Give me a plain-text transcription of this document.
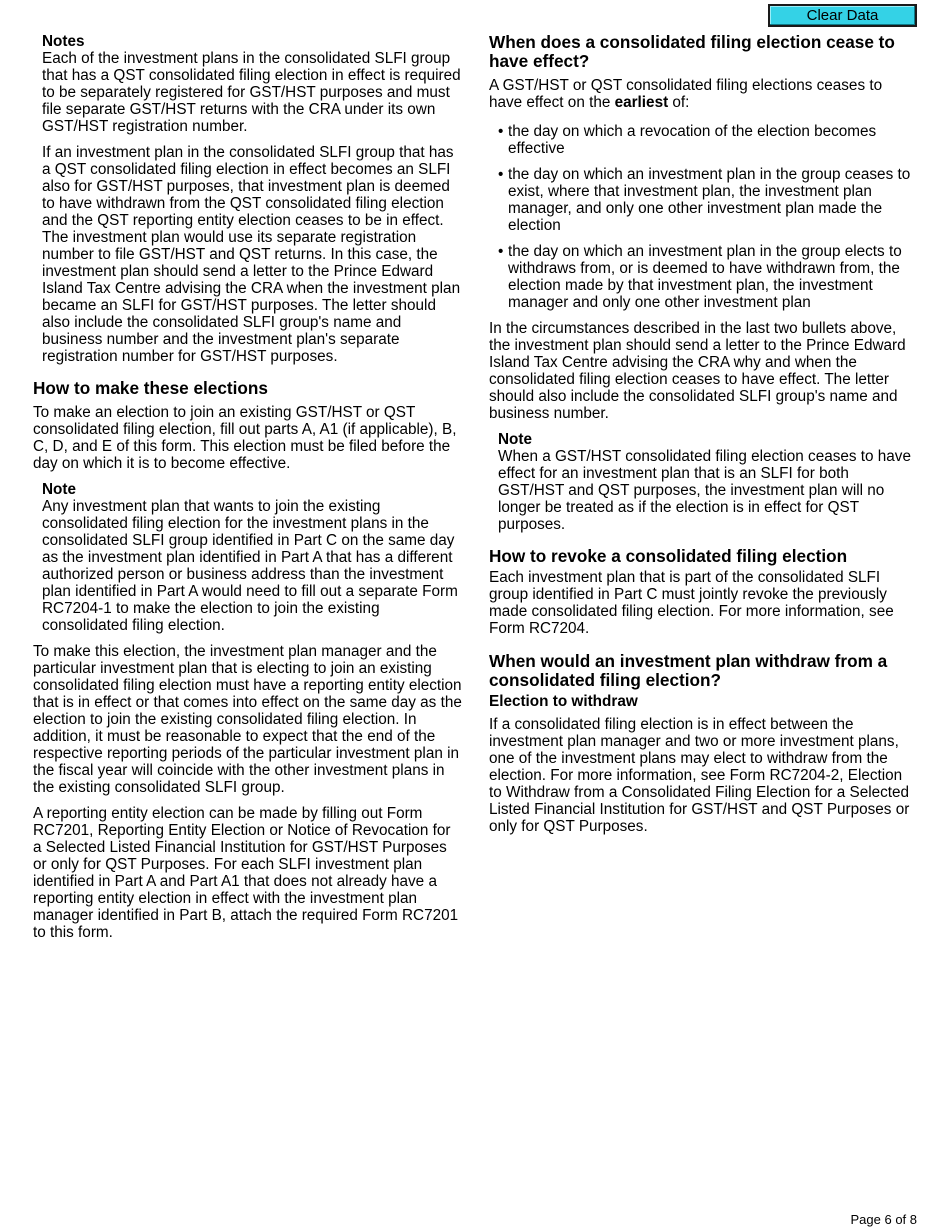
Clear Data

Notes

Each of the investment plans in the consolidated SLFI group that has a QST consolidated filing election in effect is required to be separately registered for GST/HST purposes and must file separate GST/HST returns with the CRA under its own GST/HST registration number.

If an investment plan in the consolidated SLFI group that has a QST consolidated filing election in effect becomes an SLFI also for GST/HST purposes, that investment plan is deemed to have withdrawn from the QST consolidated filing election and the QST reporting entity election ceases to be in effect. The investment plan would use its separate registration number to file GST/HST and QST returns. In this case, the investment plan should send a letter to the Prince Edward Island Tax Centre advising the CRA when the investment plan became an SLFI for GST/HST purposes. The letter should also include the consolidated SLFI group's name and business number and the investment plan's separate registration number for GST/HST purposes.

How to make these elections

To make an election to join an existing GST/HST or QST consolidated filing election, fill out parts A, A1 (if applicable), B, C, D, and E of this form. This election must be filed before the day on which it is to become effective.

Note

Any investment plan that wants to join the existing consolidated filing election for the investment plans in the consolidated SLFI group identified in Part C on the same day as the investment plan identified in Part A that has a different authorized person or business address than the investment plan identified in Part A would need to fill out a separate Form RC7204-1 to make the election to join the existing consolidated filing election.

To make this election, the investment plan manager and the particular investment plan that is electing to join an existing consolidated filing election must have a reporting entity election that is in effect or that comes into effect on the same day as the election to join the existing consolidated filing election. In addition, it must be reasonable to expect that the end of the respective reporting periods of the particular investment plan in the fiscal year will coincide with the other investment plans in the existing consolidated SLFI group.

A reporting entity election can be made by filling out Form RC7201, Reporting Entity Election or Notice of Revocation for a Selected Listed Financial Institution for GST/HST Purposes or only for QST Purposes. For each SLFI investment plan identified in Part A and Part A1 that does not already have a reporting entity election in effect with the investment plan manager identified in Part B, attach the required Form RC7201 to this form.

When does a consolidated filing election cease to have effect?

A GST/HST or QST consolidated filing elections ceases to have effect on the earliest of:

• the day on which a revocation of the election becomes effective
• the day on which an investment plan in the group ceases to exist, where that investment plan, the investment plan manager, and only one other investment plan made the election
• the day on which an investment plan in the group elects to withdraws from, or is deemed to have withdrawn from, the election made by that investment plan, the investment manager and only one other investment plan

In the circumstances described in the last two bullets above, the investment plan should send a letter to the Prince Edward Island Tax Centre advising the CRA why and when the consolidated filing election ceases to have effect. The letter should also include the consolidated SLFI group's name and business number.

Note

When a GST/HST consolidated filing election ceases to have effect for an investment plan that is an SLFI for both GST/HST and QST purposes, the investment plan will no longer be treated as if the election is in effect for QST purposes.

How to revoke a consolidated filing election

Each investment plan that is part of the consolidated SLFI group identified in Part C must jointly revoke the previously made consolidated filing election. For more information, see Form RC7204.

When would an investment plan withdraw from a consolidated filing election?
Election to withdraw

If a consolidated filing election is in effect between the investment plan manager and two or more investment plans, one of the investment plans may elect to withdraw from the election. For more information, see Form RC7204-2, Election to Withdraw from a Consolidated Filing Election for a Selected Listed Financial Institution for GST/HST and QST Purposes or only for QST Purposes.

Page 6 of 8
